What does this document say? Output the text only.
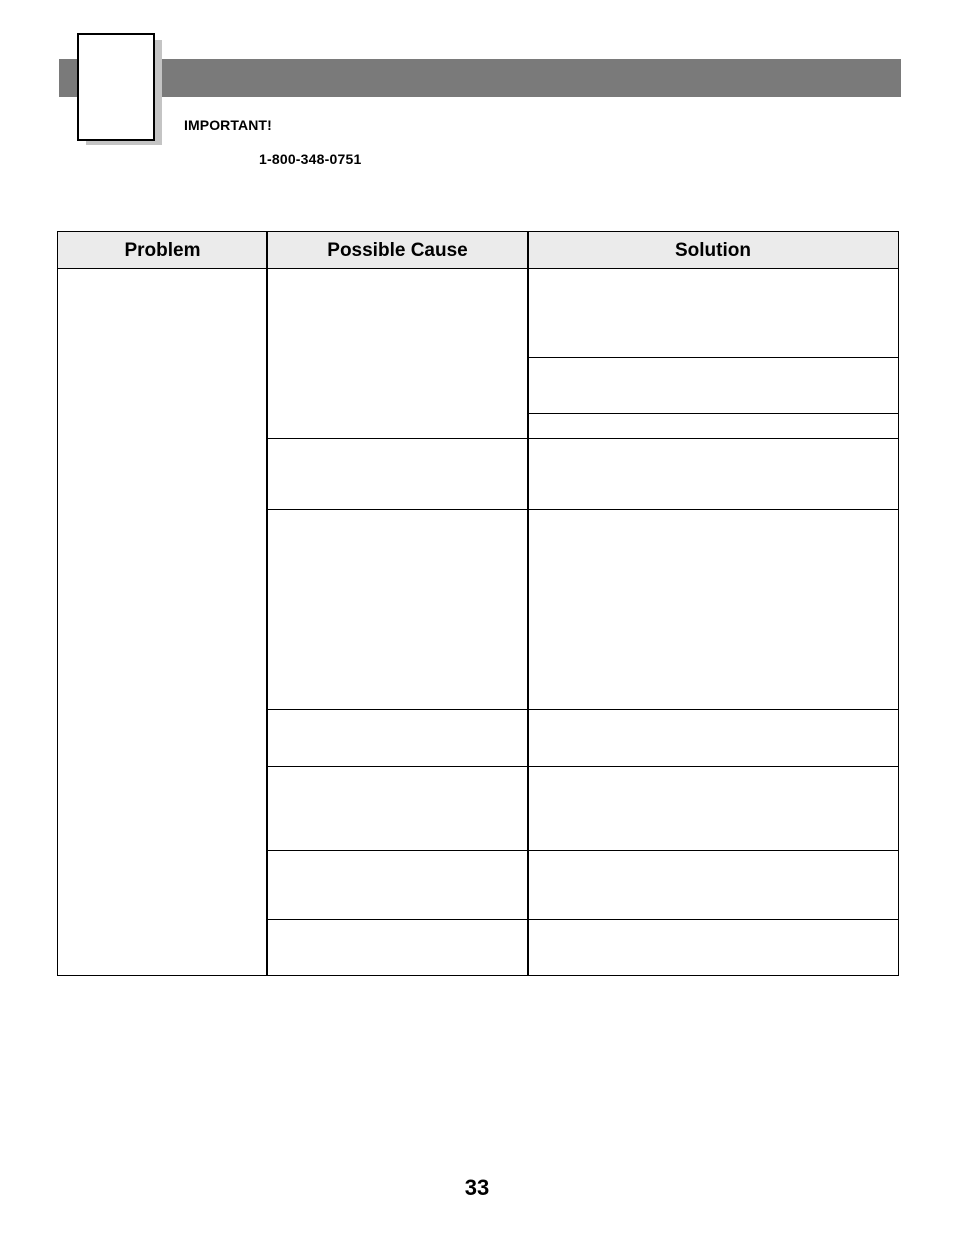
IMPORTANT!
1-800-348-0751
Problem	Possible Cause	Solution
33
